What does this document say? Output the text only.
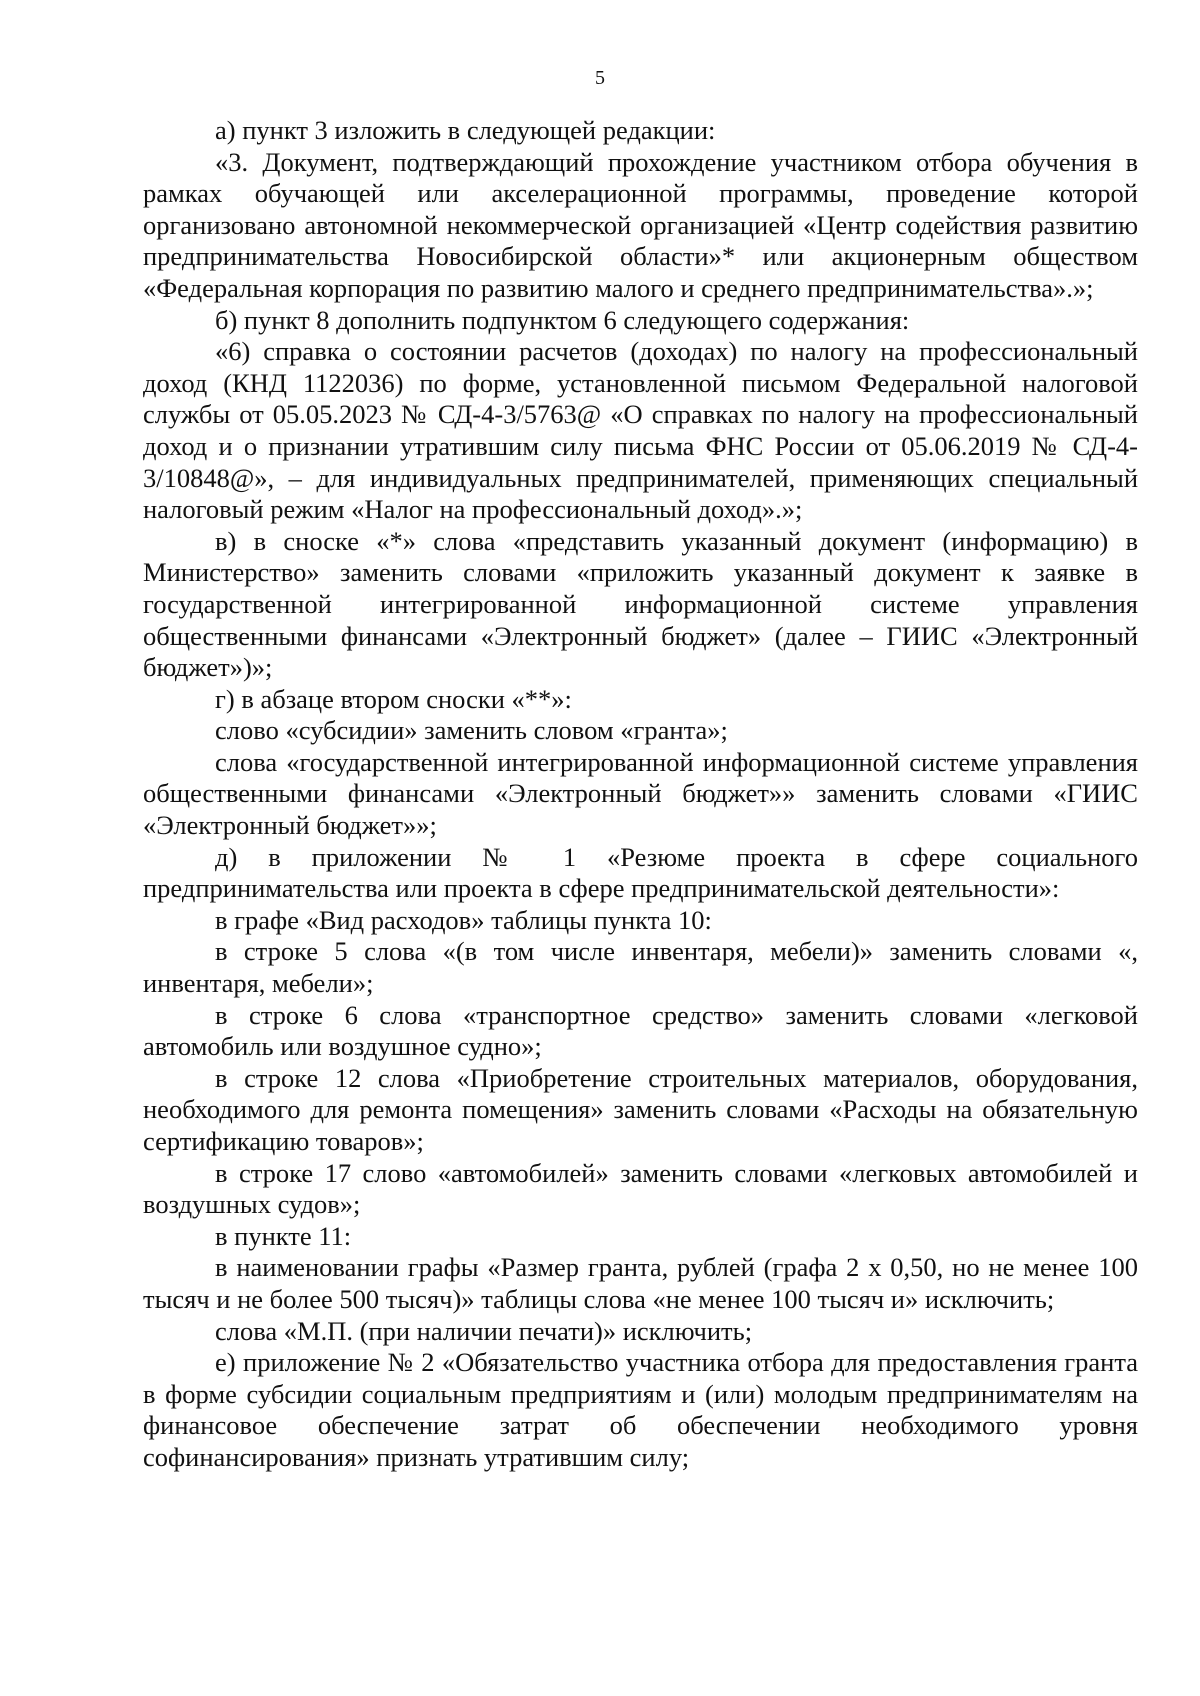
5

а) пункт 3 изложить в следующей редакции:

«3. Документ, подтверждающий прохождение участником отбора обучения в рамках обучающей или акселерационной программы, проведение которой организовано автономной некоммерческой организацией «Центр содействия развитию предпринимательства Новосибирской области»* или акционерным обществом «Федеральная корпорация по развитию малого и среднего предпринимательства».»;

б) пункт 8 дополнить подпунктом 6 следующего содержания:

«6) справка о состоянии расчетов (доходах) по налогу на профессиональный доход (КНД 1122036) по форме, установленной письмом Федеральной налоговой службы от 05.05.2023 № СД-4-3/5763@ «О справках по налогу на профессиональный доход и о признании утратившим силу письма ФНС России от 05.06.2019 № СД-4-3/10848@», – для индивидуальных предпринимателей, применяющих специальный налоговый режим «Налог на профессиональный доход».»;

в) в сноске «*» слова «представить указанный документ (информацию) в Министерство» заменить словами «приложить указанный документ к заявке в государственной интегрированной информационной системе управления общественными финансами «Электронный бюджет» (далее – ГИИС «Электронный бюджет»)»;

г) в абзаце втором сноски «**»:

слово «субсидии» заменить словом «гранта»;

слова «государственной интегрированной информационной системе управления общественными финансами «Электронный бюджет»» заменить словами «ГИИС «Электронный бюджет»»;

д) в приложении № 1 «Резюме проекта в сфере социального предпринимательства или проекта в сфере предпринимательской деятельности»:

в графе «Вид расходов» таблицы пункта 10:

в строке 5 слова «(в том числе инвентаря, мебели)» заменить словами «, инвентаря, мебели»;

в строке 6 слова «транспортное средство» заменить словами «легковой автомобиль или воздушное судно»;

в строке 12 слова «Приобретение строительных материалов, оборудования, необходимого для ремонта помещения» заменить словами «Расходы на обязательную сертификацию товаров»;

в строке 17 слово «автомобилей» заменить словами «легковых автомобилей и воздушных судов»;

в пункте 11:

в наименовании графы «Размер гранта, рублей (графа 2 х 0,50, но не менее 100 тысяч и не более 500 тысяч)» таблицы слова «не менее 100 тысяч и» исключить;

слова «М.П. (при наличии печати)» исключить;

е) приложение № 2 «Обязательство участника отбора для предоставления гранта в форме субсидии социальным предприятиям и (или) молодым предпринимателям на финансовое обеспечение затрат об обеспечении необходимого уровня софинансирования» признать утратившим силу;
